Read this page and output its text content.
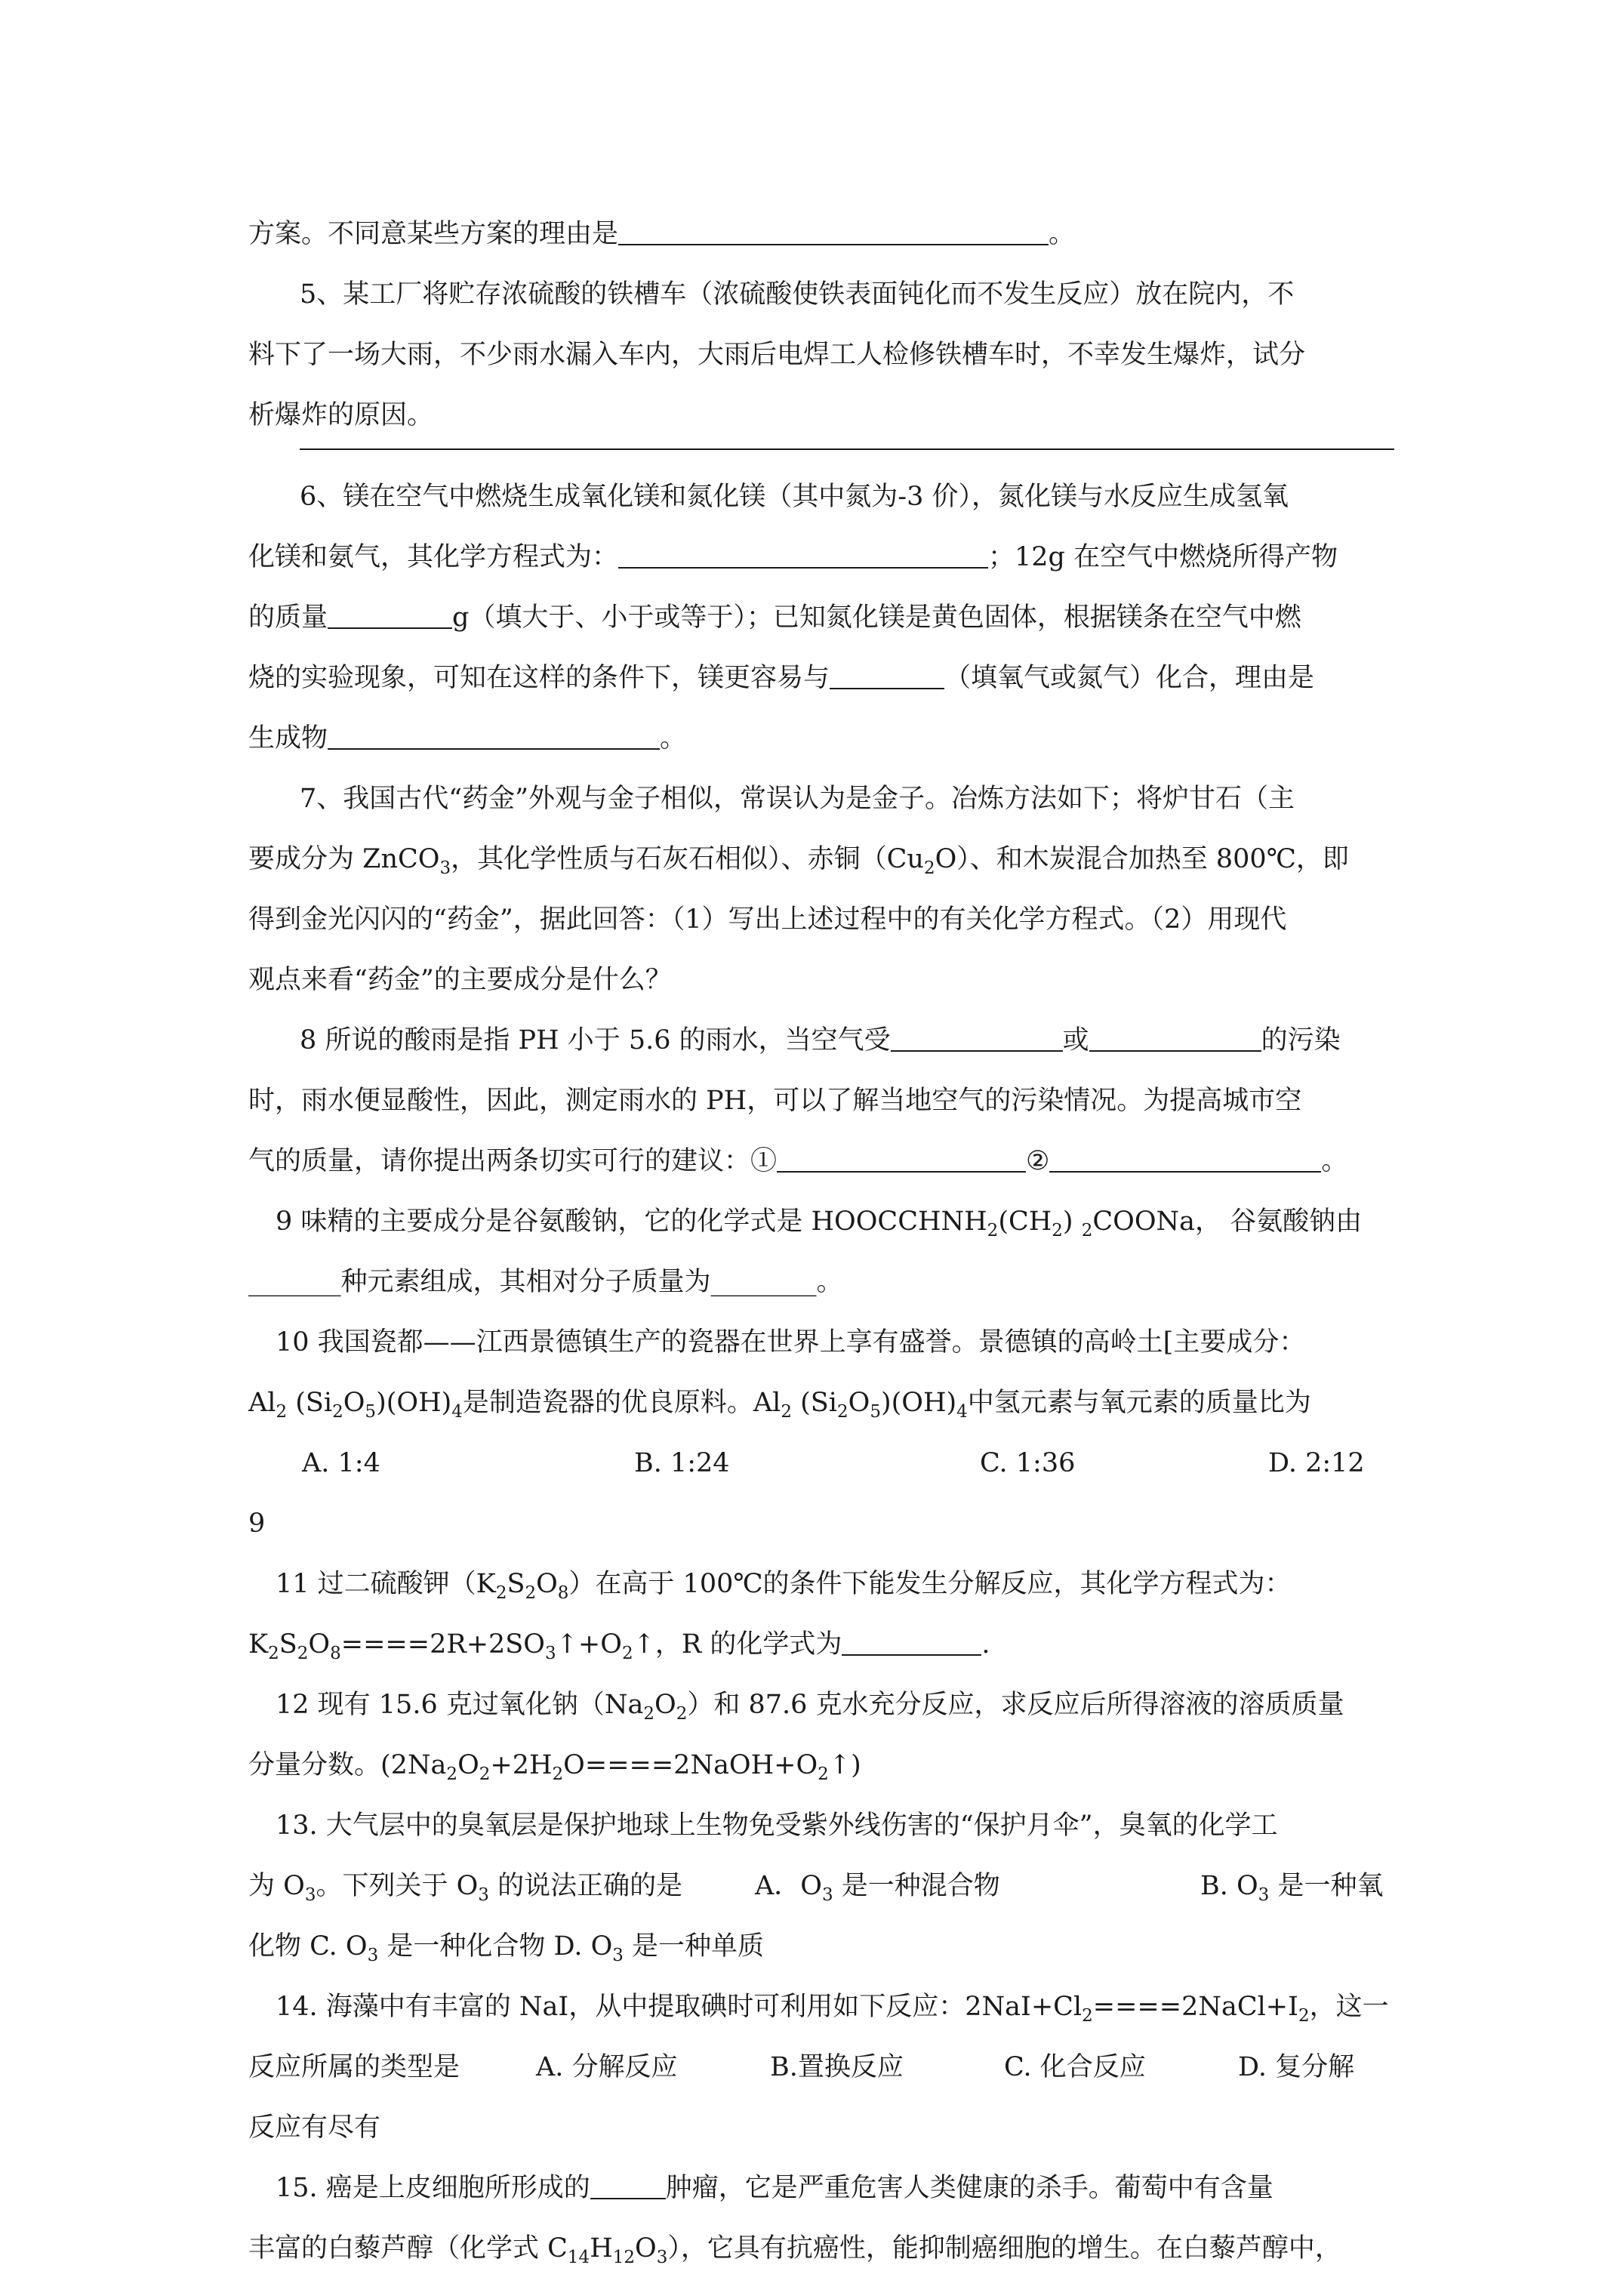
方案。不同意某些方案的理由是	。
5、某工厂将贮存浓硫酸的铁槽车（浓硫酸使铁表面钝化而不发生反应）放在院内，不
料下了一场大雨，不少雨水漏入车内，大雨后电焊工人检修铁槽车时，不幸发生爆炸，试分
析爆炸的原因。
6、镁在空气中燃烧生成氧化镁和氮化镁（其中氮为-3 价），氮化镁与水反应生成氢氧
化镁和氨气，其化学方程式为：	；12g 在空气中燃烧所得产物
的质量	g（填大于、小于或等于）；已知氮化镁是黄色固体，根据镁条在空气中燃
烧的实验现象，可知在这样的条件下，镁更容易与	（填氧气或氮气）化合，理由是
生成物	。
7、我国古代“药金”外观与金子相似，常误认为是金子。冶炼方法如下；将炉甘石（主
要成分为 ZnCO$_3$，其化学性质与石灰石相似）、赤铜$(Cu_2O)$、和木炭混合加热至 800℃，即
得到金光闪闪的“药金”，据此回答：（1）写出上述过程中的有关化学方程式。（2）用现代
观点来看“药金”的主要成分是什么？
8 所说的酸雨是指 PH 小于 5.6 的雨水，当空气受	或	的污染
时，雨水便显酸性，因此，测定雨水的 PH，可以了解当地空气的污染情况。为提高城市空
气的质量，请你提出两条切实可行的建议：①	②	。
9 味精的主要成分是谷氨酸钠，它的化学式是 $HOOCCHNH_2(CH_2)$ $_2$COONa， 谷氨酸钠由
_______种元素组成，其相对分子质量为________。
10 我国瓷都——江西景德镇生产的瓷器在世界上享有盛誉。景德镇的高岭土[主要成分：
$Al_2$ $(Si_2O_5)(OH)_4$是制造瓷器的优良原料。$Al_2$ $(Si_2O_5)(OH)_4$中氢元素与氧元素的质量比为
A. 1:4	B. 1:24	C. 1:36	D. 2:12
9
11 过二硫酸钾$(K_2S_2O_8)$在高于 100℃的条件下能发生分解反应，其化学方程式为：
$K_2S_2O_8====2R+2SO_3↑+O_2↑$，R 的化学式为	.
12 现有 15.6 克过氧化钠$(Na_2O_2)$和 87.6 克水充分反应，求反应后所得溶液的溶质质量
分量分数。$(2Na_2O_2+2H_2O====2NaOH+O_2↑)$
13. 大气层中的臭氧层是保护地球上生物免受紫外线伤害的“保护月伞”，臭氧的化学工
为 $O_3$。下列关于 $O_3$ 的说法正确的是	A．$O_3$ 是一种混合物	B. $O_3$ 是一种氧
化物 C. $O_3$ 是一种化合物 D. $O_3$ 是一种单质
14. 海藻中有丰富的 NaI，从中提取碘时可利用如下反应：$2NaI+Cl_2====2NaCl+I_2$，这一
反应所属的类型是	A. 分解反应	B.置换反应	C. 化合反应	D. 复分解
反应有尽有
15. 癌是上皮细胞所形成的	肿瘤，它是严重危害人类健康的杀手。葡萄中有含量
丰富的白藜芦醇（化学式 $C_{14}H_{12}O_3$），它具有抗癌性，能抑制癌细胞的增生。在白藜芦醇中，
